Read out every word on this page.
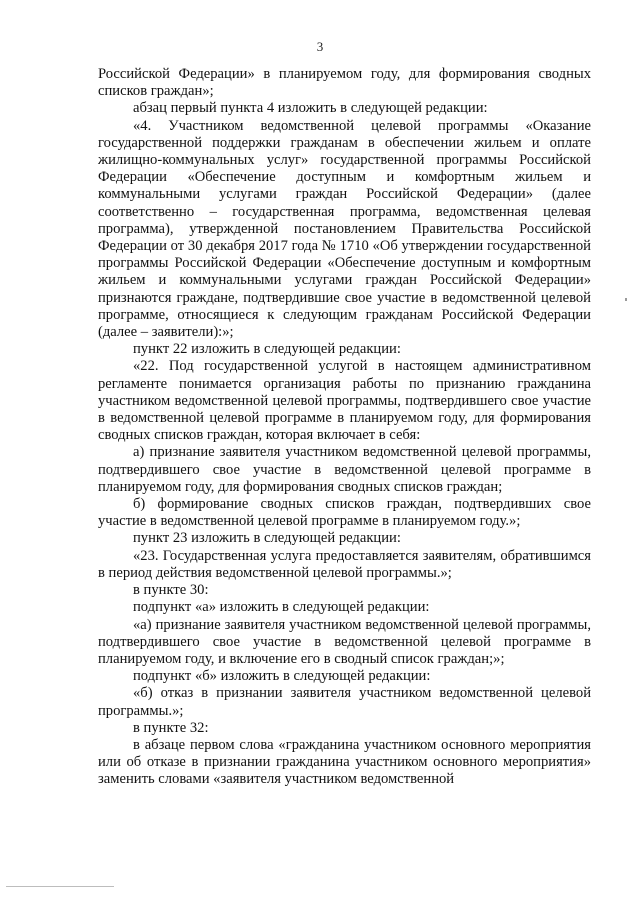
3

Российской Федерации» в планируемом году, для формирования сводных списков граждан»;

абзац первый пункта 4 изложить в следующей редакции:

«4. Участником ведомственной целевой программы «Оказание государственной поддержки гражданам в обеспечении жильем и оплате жилищно-коммунальных услуг» государственной программы Российской Федерации «Обеспечение доступным и комфортным жильем и коммунальными услугами граждан Российской Федерации» (далее соответственно – государственная программа, ведомственная целевая программа), утвержденной постановлением Правительства Российской Федерации от 30 декабря 2017 года № 1710 «Об утверждении государственной программы Российской Федерации «Обеспечение доступным и комфортным жильем и коммунальными услугами граждан Российской Федерации» признаются граждане, подтвердившие свое участие в ведомственной целевой программе, относящиеся к следующим гражданам Российской Федерации (далее – заявители):»;

пункт 22 изложить в следующей редакции:

«22. Под государственной услугой в настоящем административном регламенте понимается организация работы по признанию гражданина участником ведомственной целевой программы, подтвердившего свое участие в ведомственной целевой программе в планируемом году, для формирования сводных списков граждан, которая включает в себя:

а) признание заявителя участником ведомственной целевой программы, подтвердившего свое участие в ведомственной целевой программе в планируемом году, для формирования сводных списков граждан;

б) формирование сводных списков граждан, подтвердивших свое участие в ведомственной целевой программе в планируемом году.»;

пункт 23 изложить в следующей редакции:

«23. Государственная услуга предоставляется заявителям, обратившимся в период действия ведомственной целевой программы.»;

в пункте 30:

подпункт «а» изложить в следующей редакции:

«а) признание заявителя участником ведомственной целевой программы, подтвердившего свое участие в ведомственной целевой программе в планируемом году, и включение его в сводный список граждан;»;

подпункт «б» изложить в следующей редакции:

«б) отказ в признании заявителя участником ведомственной целевой программы.»;

в пункте 32:

в абзаце первом слова «гражданина участником основного мероприятия или об отказе в признании гражданина участником основного мероприятия» заменить словами «заявителя участником ведомственной
